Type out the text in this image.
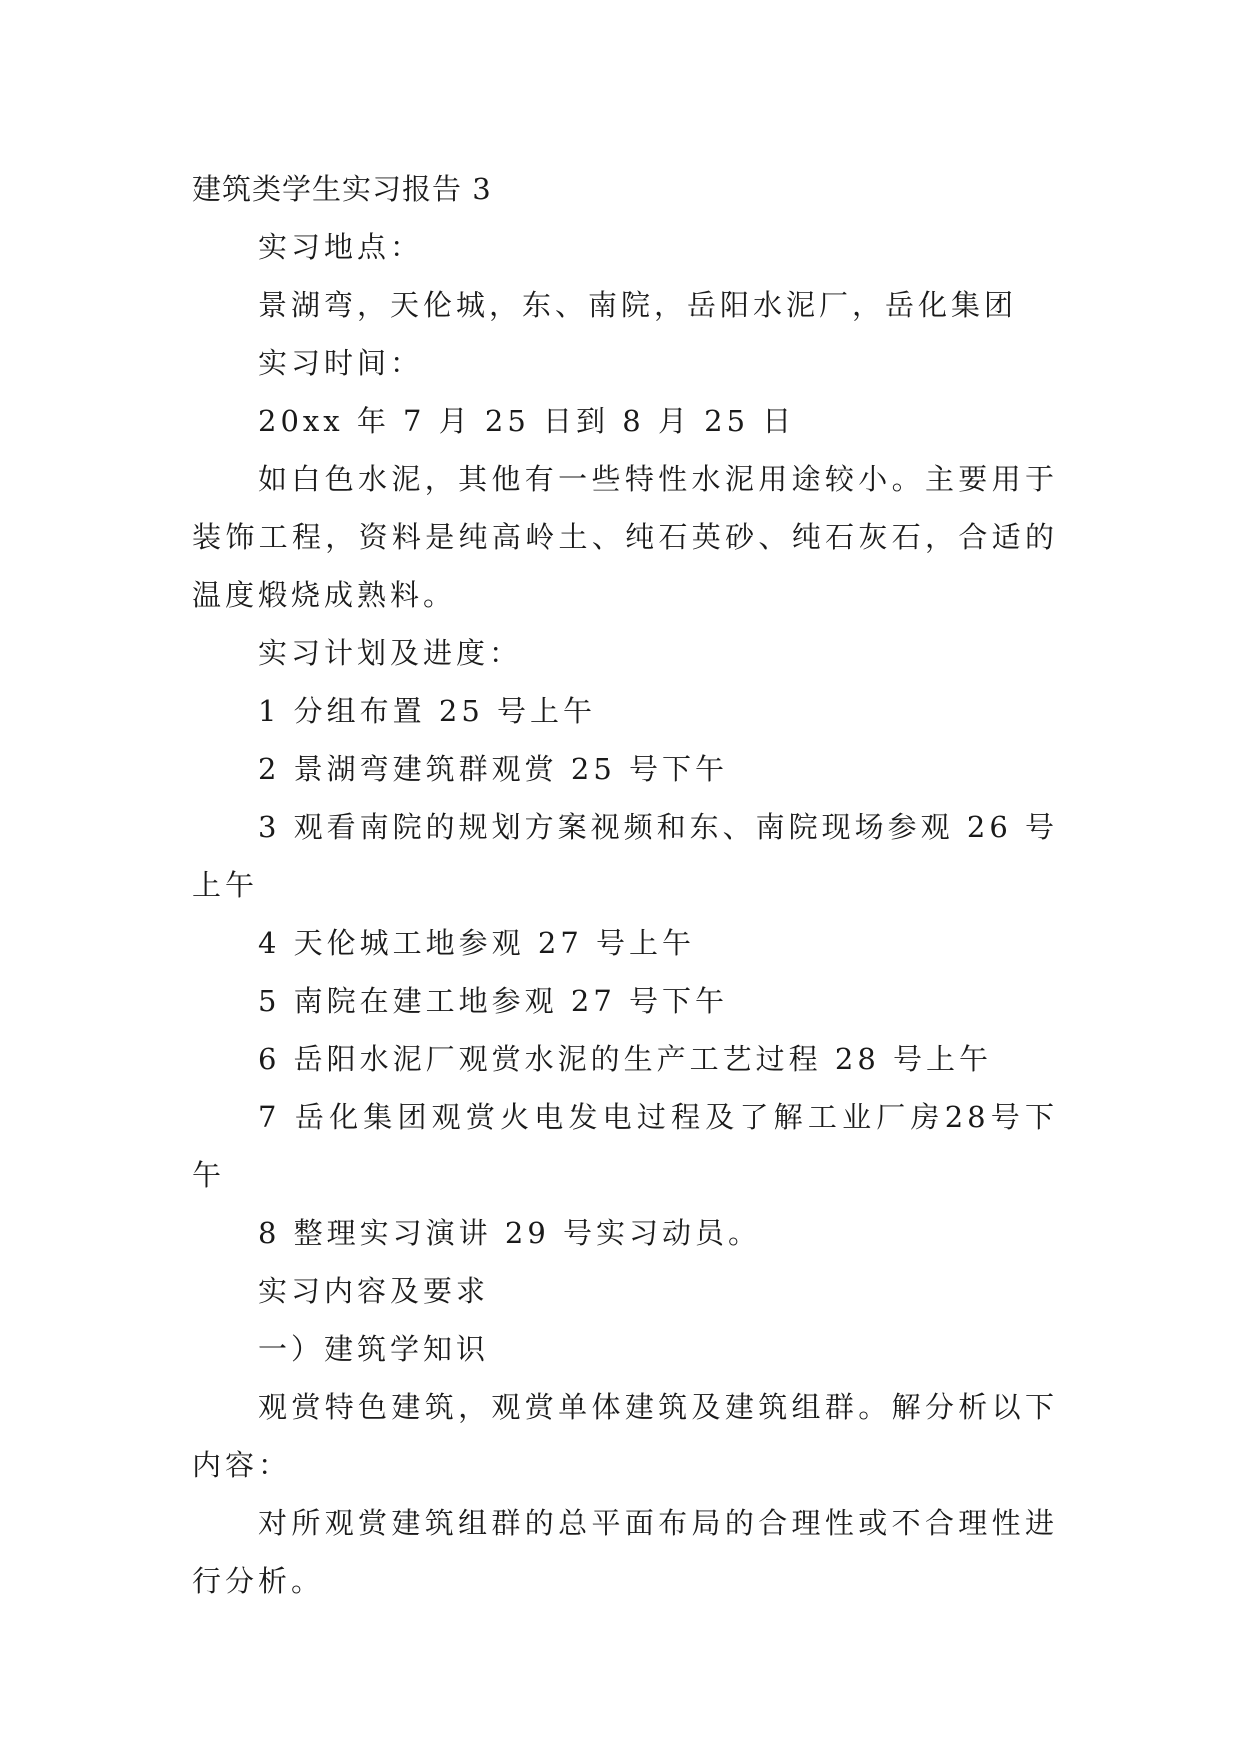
建筑类学生实习报告 3

实习地点：

景湖弯，天伦城，东、南院，岳阳水泥厂，岳化集团

实习时间：

20xx 年 7 月 25 日到 8 月 25 日

如白色水泥，其他有一些特性水泥用途较小。主要用于装饰工程，资料是纯高岭土、纯石英砂、纯石灰石，合适的温度煅烧成熟料。

实习计划及进度：

1 分组布置 25 号上午

2 景湖弯建筑群观赏 25 号下午

3 观看南院的规划方案视频和东、南院现场参观 26 号上午

4 天伦城工地参观 27 号上午

5 南院在建工地参观 27 号下午

6 岳阳水泥厂观赏水泥的生产工艺过程 28 号上午

7 岳化集团观赏火电发电过程及了解工业厂房28号下午

8 整理实习演讲 29 号实习动员。

实习内容及要求

一）建筑学知识

观赏特色建筑，观赏单体建筑及建筑组群。解分析以下内容：

对所观赏建筑组群的总平面布局的合理性或不合理性进行分析。
